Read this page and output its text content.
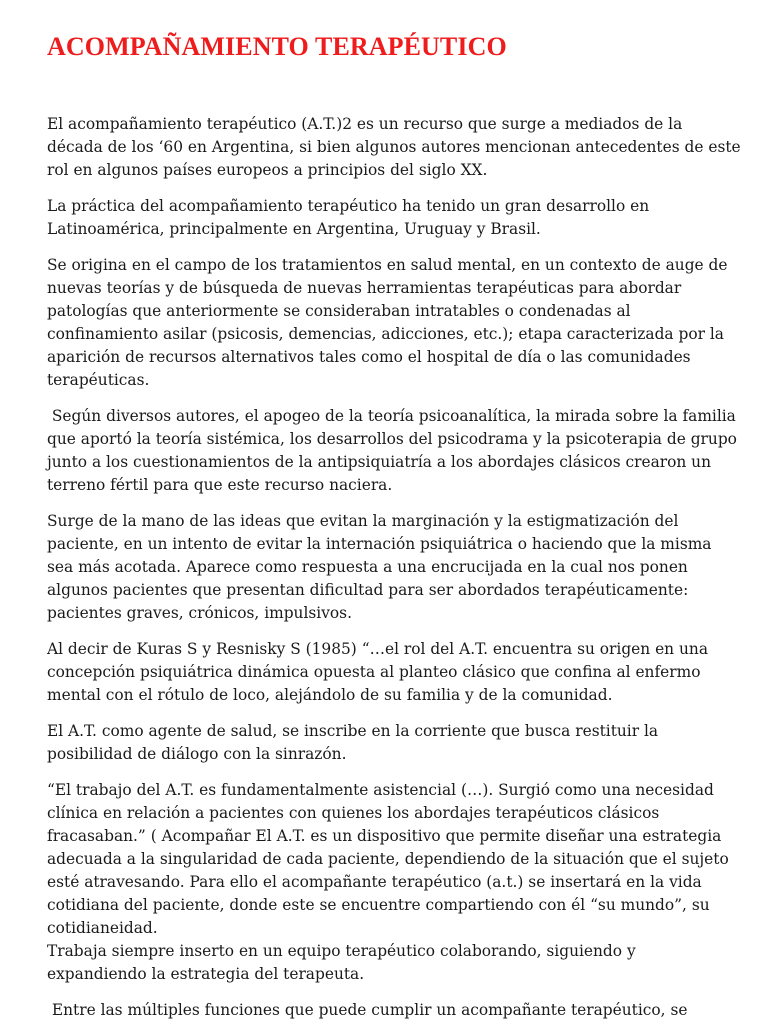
ACOMPAÑAMIENTO TERAPÉUTICO

El acompañamiento terapéutico (A.T.)2 es un recurso que surge a mediados de la
década de los ‘60 en Argentina, si bien algunos autores mencionan antecedentes de este
rol en algunos países europeos a principios del siglo XX.

La práctica del acompañamiento terapéutico ha tenido un gran desarrollo en
Latinoamérica, principalmente en Argentina, Uruguay y Brasil.

Se origina en el campo de los tratamientos en salud mental, en un contexto de auge de
nuevas teorías y de búsqueda de nuevas herramientas terapéuticas para abordar
patologías que anteriormente se consideraban intratables o condenadas al
confinamiento asilar (psicosis, demencias, adicciones, etc.); etapa caracterizada por la
aparición de recursos alternativos tales como el hospital de día o las comunidades
terapéuticas.

Según diversos autores, el apogeo de la teoría psicoanalítica, la mirada sobre la familia
que aportó la teoría sistémica, los desarrollos del psicodrama y la psicoterapia de grupo
junto a los cuestionamientos de la antipsiquiatría a los abordajes clásicos crearon un
terreno fértil para que este recurso naciera.

Surge de la mano de las ideas que evitan la marginación y la estigmatización del
paciente, en un intento de evitar la internación psiquiátrica o haciendo que la misma
sea más acotada. Aparece como respuesta a una encrucijada en la cual nos ponen
algunos pacientes que presentan dificultad para ser abordados terapéuticamente:
pacientes graves, crónicos, impulsivos.

Al decir de Kuras S y Resnisky S (1985) “…el rol del A.T. encuentra su origen en una
concepción psiquiátrica dinámica opuesta al planteo clásico que confina al enfermo
mental con el rótulo de loco, alejándolo de su familia y de la comunidad.

El A.T. como agente de salud, se inscribe en la corriente que busca restituir la
posibilidad de diálogo con la sinrazón.

“El trabajo del A.T. es fundamentalmente asistencial (…). Surgió como una necesidad
clínica en relación a pacientes con quienes los abordajes terapéuticos clásicos
fracasaban.” ( Acompañar El A.T. es un dispositivo que permite diseñar una estrategia
adecuada a la singularidad de cada paciente, dependiendo de la situación que el sujeto
esté atravesando. Para ello el acompañante terapéutico (a.t.) se insertará en la vida
cotidiana del paciente, donde este se encuentre compartiendo con él “su mundo”, su
cotidianeidad.
Trabaja siempre inserto en un equipo terapéutico colaborando, siguiendo y
expandiendo la estrategia del terapeuta.

Entre las múltiples funciones que puede cumplir un acompañante terapéutico, se
